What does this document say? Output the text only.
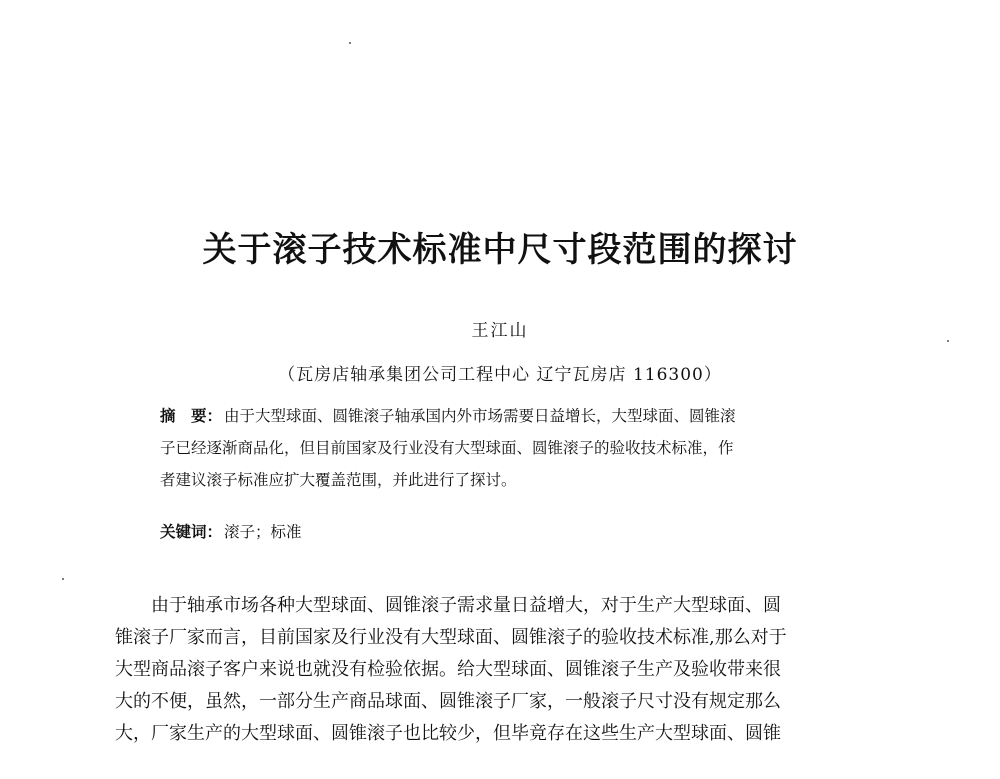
关于滚子技术标准中尺寸段范围的探讨
王江山
（瓦房店轴承集团公司工程中心 辽宁瓦房店 116300）
摘　要： 由于大型球面、圆锥滚子轴承国内外市场需要日益增长，大型球面、圆锥滚
子已经逐渐商品化，但目前国家及行业没有大型球面、圆锥滚子的验收技术标准，作
者建议滚子标准应扩大覆盖范围，并此进行了探讨。
关键词： 滚子；标准
由于轴承市场各种大型球面、圆锥滚子需求量日益增大，对于生产大型球面、圆
锥滚子厂家而言，目前国家及行业没有大型球面、圆锥滚子的验收技术标准,那么对于
大型商品滚子客户来说也就没有检验依据。给大型球面、圆锥滚子生产及验收带来很
大的不便，虽然，一部分生产商品球面、圆锥滚子厂家，一般滚子尺寸没有规定那么
大，厂家生产的大型球面、圆锥滚子也比较少，但毕竟存在这些生产大型球面、圆锥
